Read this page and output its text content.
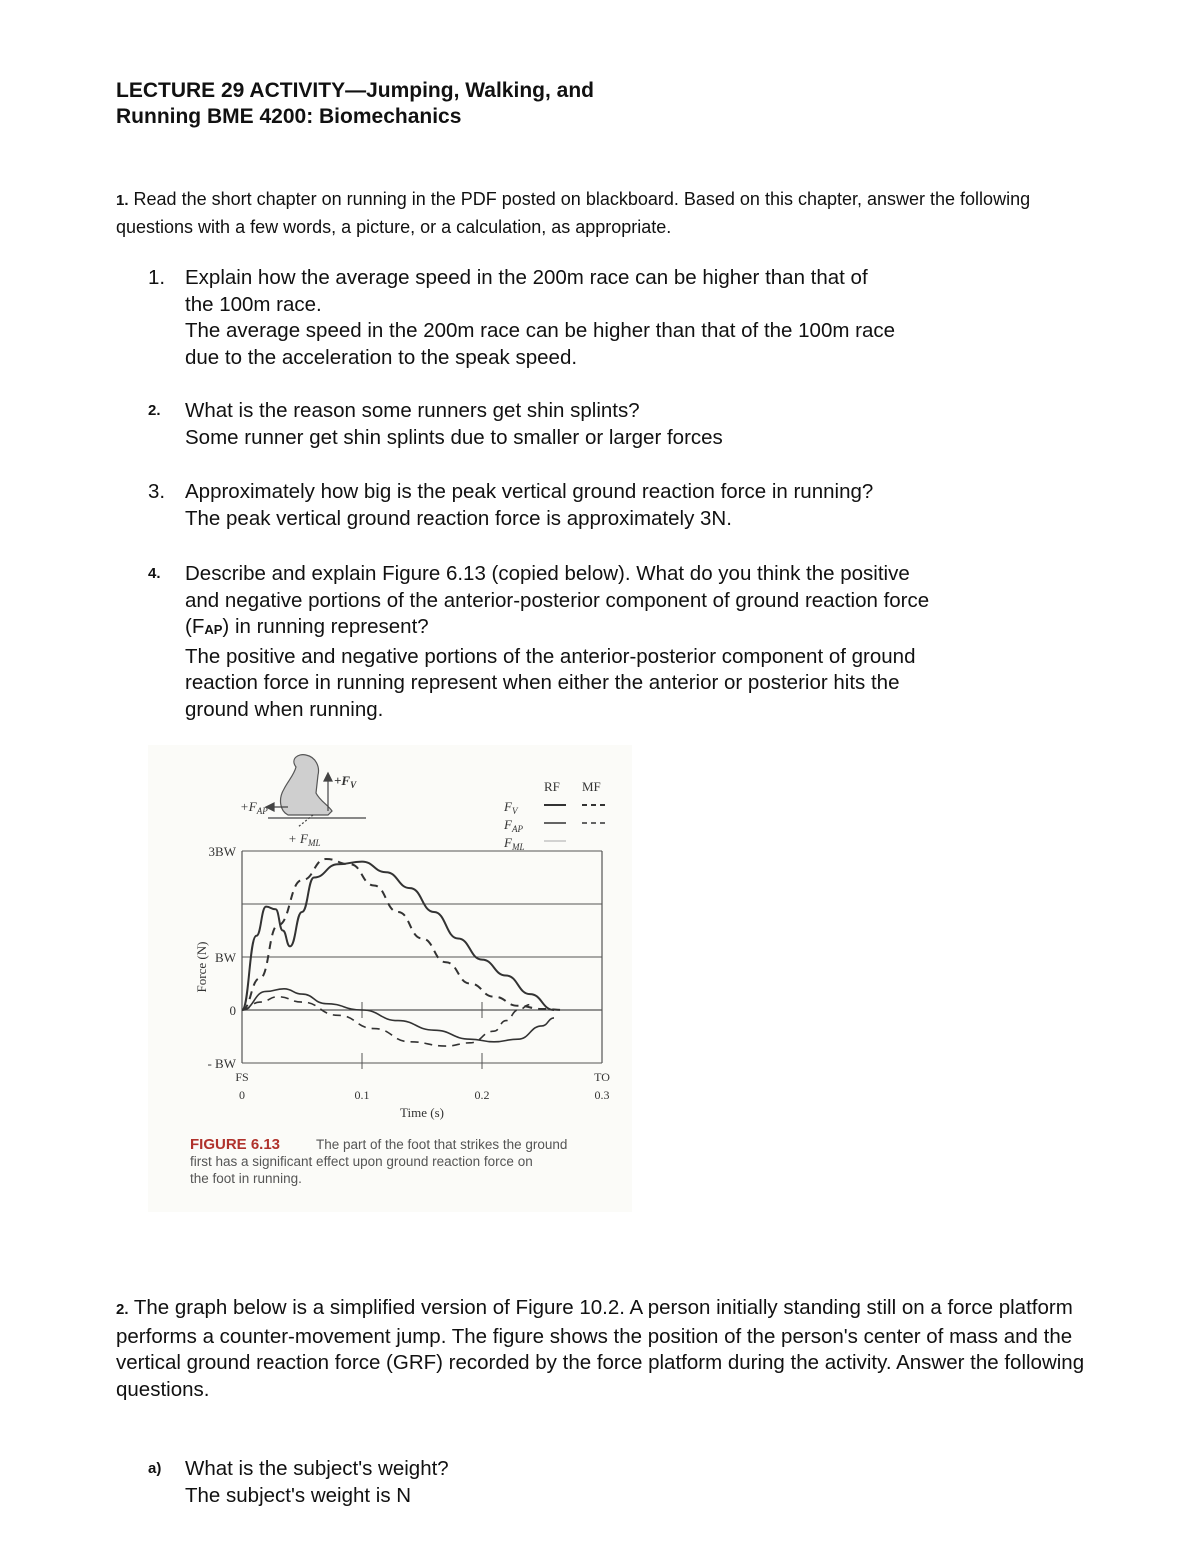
LECTURE 29 ACTIVITY—Jumping, Walking, and
Running BME 4200: Biomechanics
1. Read the short chapter on running in the PDF posted on blackboard. Based on this chapter, answer the following questions with a few words, a picture, or a calculation, as appropriate.
1. Explain how the average speed in the 200m race can be higher than that of
the 100m race.
The average speed in the 200m race can be higher than that of the 100m race
due to the acceleration to the speak speed.
2. What is the reason some runners get shin splints?
Some runner get shin splints due to smaller or larger forces
3. Approximately how big is the peak vertical ground reaction force in running?
The peak vertical ground reaction force is approximately 3N.
4. Describe and explain Figure 6.13 (copied below). What do you think the positive
and negative portions of the anterior-posterior component of ground reaction force
$(F_{AP})$ in running represent?
The positive and negative portions of the anterior-posterior component of ground
reaction force in running represent when either the anterior or posterior hits the
ground when running.
$+F_V$
$+F_{AP}$
+ $F_{ML}$
RF MF
$F_V$
$F_{AP}$
$F_{ML}$
- BW
0
BW
3BW
Force (N)
FS
0	0.1	0.2
TO
0.3
Time (s)
FIGURE 6.13	The part of the foot that strikes the ground
first has a significant effect upon ground reaction force on
the foot in running.
2. The graph below is a simplified version of Figure 10.2. A person initially standing still on a force platform performs a counter-movement jump. The figure shows the position of the person's center of mass and the vertical ground reaction force (GRF) recorded by the force platform during the activity. Answer the following questions.
a) What is the subject's weight?
The subject's weight is N
